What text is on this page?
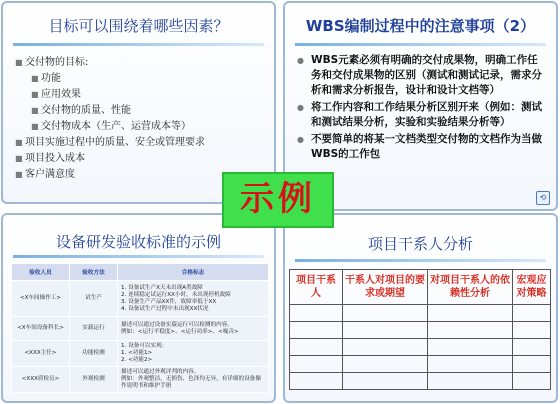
目标可以围绕着哪些因素？
■ 交付物的目标:
■ 功能
■ 应用效果
■ 交付物的质量、性能
■ 交付物成本（生产、运营成本等）
■ 项目实施过程中的质量、安全或管理要求
■ 项目投入成本
■ 客户满意度
WBS编制过程中的注意事项（2）
● WBS元素必须有明确的交付成果物，明确工作任务和交付成果物的区别（测试和测试记录，需求分析和需求分析报告，设计和设计文档等）
● 将工作内容和工作结果分析区别开来（例如：测试和测试结果分析，实验和实验结果分析等）
● 不要简单的将某一文档类型交付物的文档作为当做WBS的工作包
⟲
设备研发验收标准的示例
验收人员	验收方法	合格标志
<X车间操作工>	试生产	1. 设备试生产X天未出现A类故障
2. 连续稳定试运行XX小时，未出现停机故障
3. 设备生产产品XX件，故障率低于XX
4. 设备试生产过程中未出现XX状况
<X车间设备科长>	实载运行	描述可以通过设备实载运行可以检测的内容。
例如：<运行平稳度>、<运行功率>、<噪音>
<XXX主任>	功能检测	1. 设备可以实现：
1. <功能1>
2. <功能2>
<XXX质检员>	外观检测	描述可以通过外观评判的内容。
例如：外观整洁，无损伤、色泽均无异，有详细的设备操作说明书和维护手册
项目干系人分析
项目干系人	干系人对项目的要求或期望	对项目干系人的依赖性分析	宏观应对策略

示例
